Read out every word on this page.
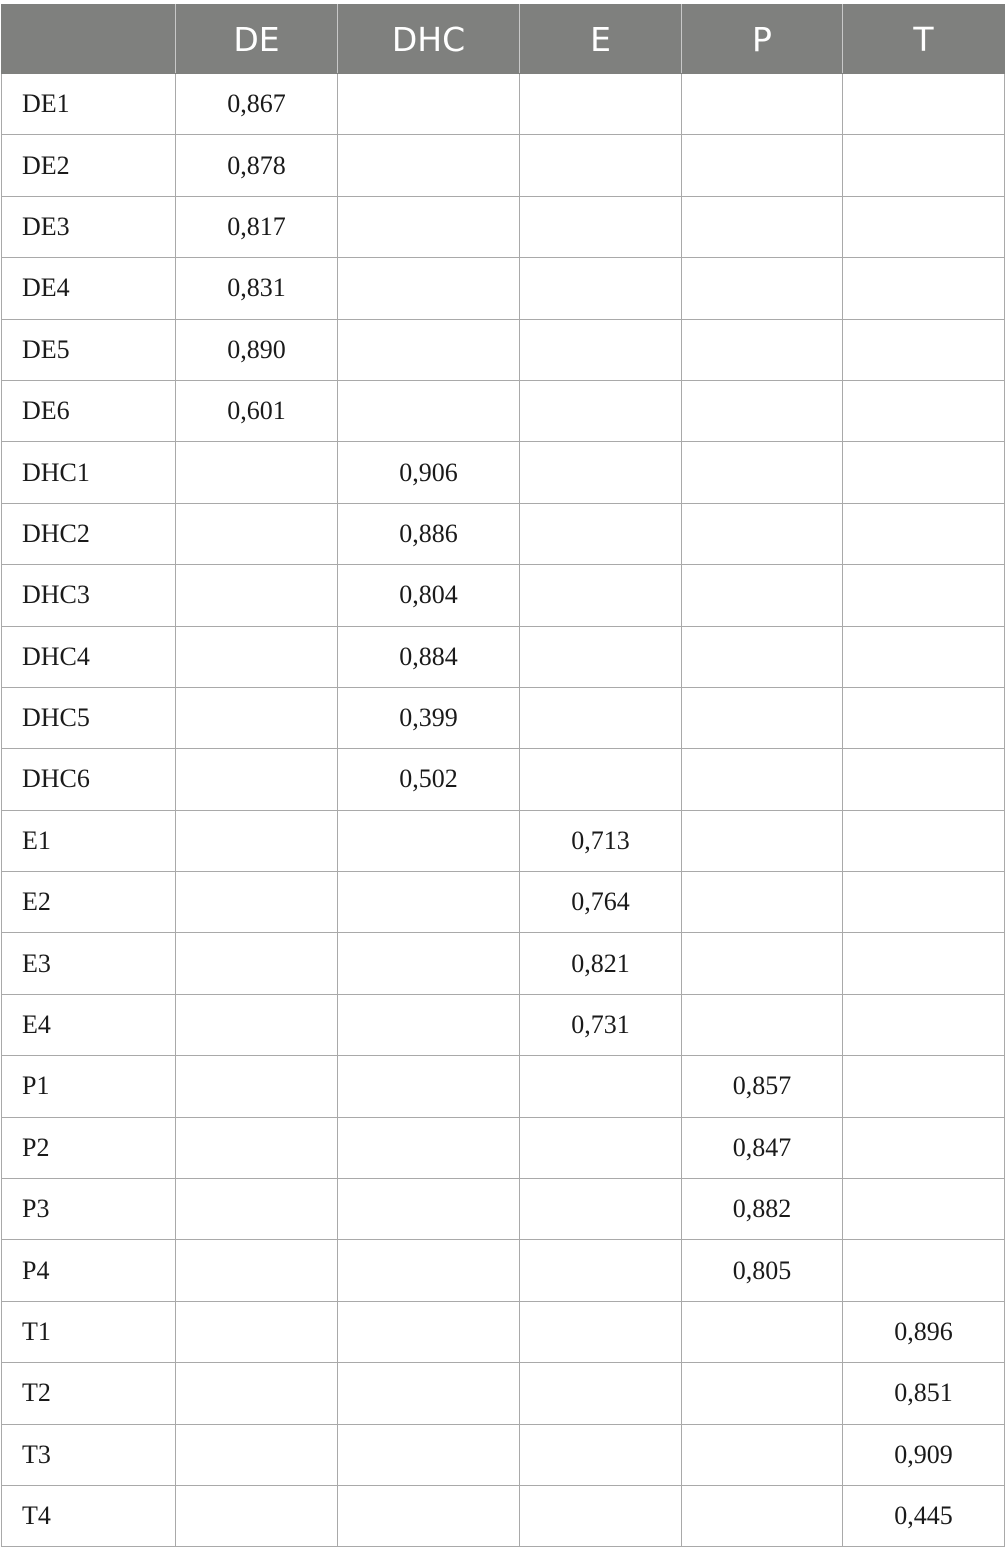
	DE	DHC	E	P	T
DE1	0,867				
DE2	0,878				
DE3	0,817				
DE4	0,831				
DE5	0,890				
DE6	0,601				
DHC1		0,906			
DHC2		0,886			
DHC3		0,804			
DHC4		0,884			
DHC5		0,399			
DHC6		0,502			
E1			0,713		
E2			0,764		
E3			0,821		
E4			0,731		
P1				0,857	
P2				0,847	
P3				0,882	
P4				0,805	
T1					0,896
T2					0,851
T3					0,909
T4					0,445
